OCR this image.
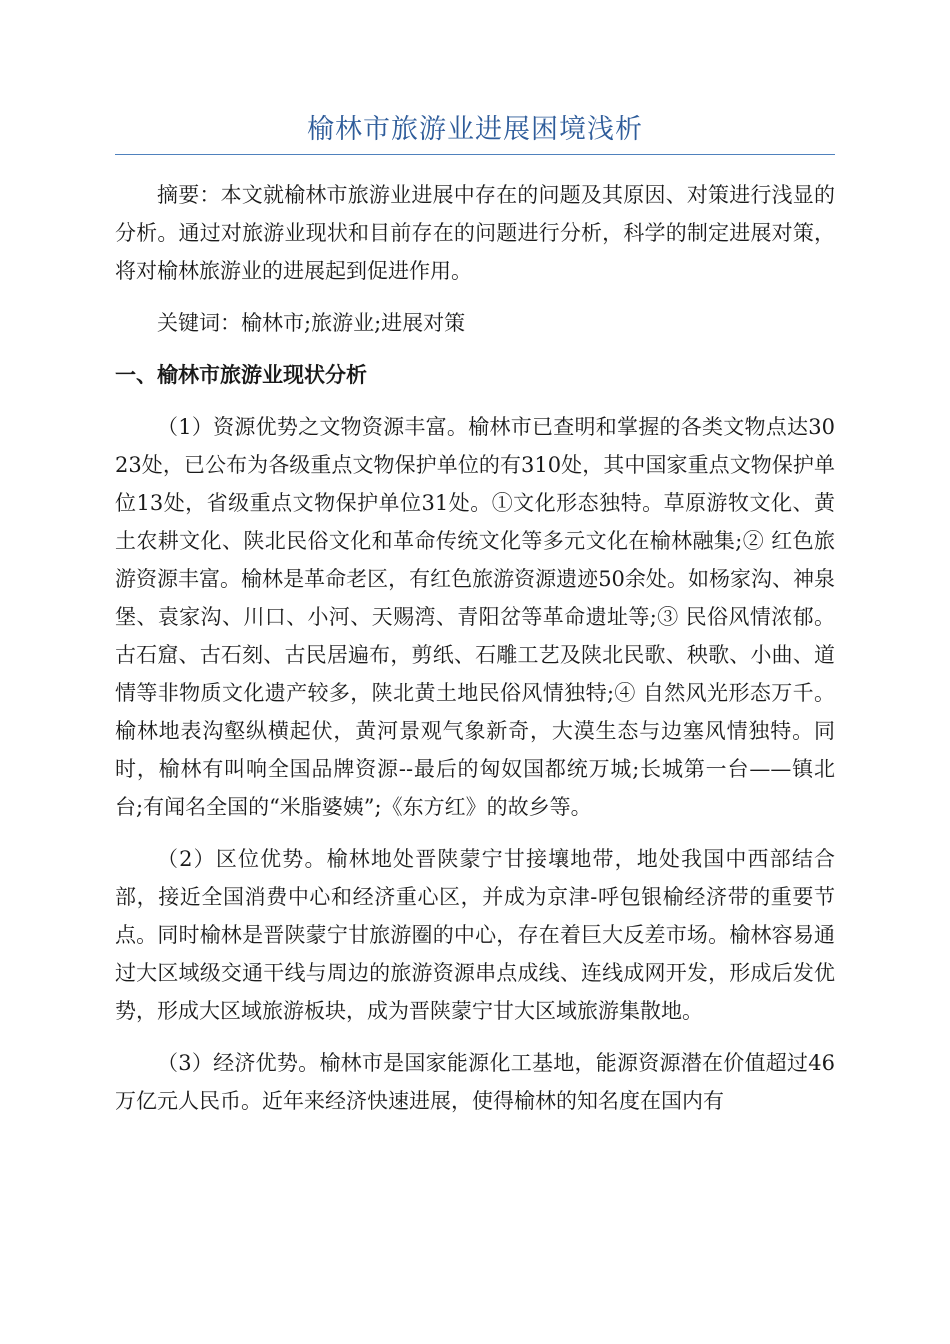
榆林市旅游业进展困境浅析

摘要：本文就榆林市旅游业进展中存在的问题及其原因、对策进行浅显的分析。通过对旅游业现状和目前存在的问题进行分析，科学的制定进展对策，将对榆林旅游业的进展起到促进作用。

关键词：榆林市;旅游业;进展对策

一、榆林市旅游业现状分析

（1）资源优势之文物资源丰富。榆林市已查明和掌握的各类文物点达3023处，已公布为各级重点文物保护单位的有310处，其中国家重点文物保护单位13处，省级重点文物保护单位31处。①文化形态独特。草原游牧文化、黄土农耕文化、陕北民俗文化和革命传统文化等多元文化在榆林融集;② 红色旅游资源丰富。榆林是革命老区，有红色旅游资源遗迹50余处。如杨家沟、神泉堡、袁家沟、川口、小河、天赐湾、青阳岔等革命遗址等;③ 民俗风情浓郁。古石窟、古石刻、古民居遍布，剪纸、石雕工艺及陕北民歌、秧歌、小曲、道情等非物质文化遗产较多，陕北黄土地民俗风情独特;④ 自然风光形态万千。榆林地表沟壑纵横起伏，黄河景观气象新奇，大漠生态与边塞风情独特。同时，榆林有叫响全国品牌资源--最后的匈奴国都统万城;长城第一台——镇北台;有闻名全国的“米脂婆姨”;《东方红》的故乡等。

（2）区位优势。榆林地处晋陕蒙宁甘接壤地带，地处我国中西部结合部，接近全国消费中心和经济重心区，并成为京津-呼包银榆经济带的重要节点。同时榆林是晋陕蒙宁甘旅游圈的中心，存在着巨大反差市场。榆林容易通过大区域级交通干线与周边的旅游资源串点成线、连线成网开发，形成后发优势，形成大区域旅游板块，成为晋陕蒙宁甘大区域旅游集散地。

（3）经济优势。榆林市是国家能源化工基地，能源资源潜在价值超过46万亿元人民币。近年来经济快速进展，使得榆林的知名度在国内有
